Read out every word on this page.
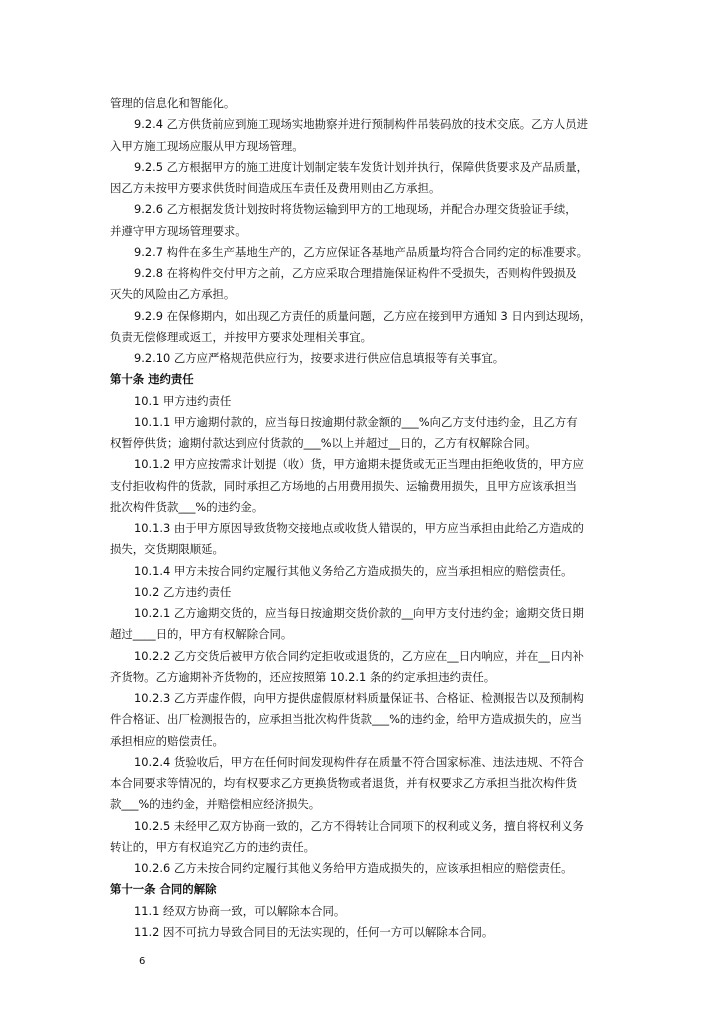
管理的信息化和智能化。
9.2.4 乙方供货前应到施工现场实地勘察并进行预制构件吊装码放的技术交底。乙方人员进
入甲方施工现场应服从甲方现场管理。
9.2.5 乙方根据甲方的施工进度计划制定装车发货计划并执行，保障供货要求及产品质量，
因乙方未按甲方要求供货时间造成压车责任及费用则由乙方承担。
9.2.6 乙方根据发货计划按时将货物运输到甲方的工地现场，并配合办理交货验证手续，
并遵守甲方现场管理要求。
9.2.7 构件在多生产基地生产的，乙方应保证各基地产品质量均符合合同约定的标准要求。
9.2.8 在将构件交付甲方之前，乙方应采取合理措施保证构件不受损失，否则构件毁损及
灭失的风险由乙方承担。
9.2.9 在保修期内，如出现乙方责任的质量问题，乙方应在接到甲方通知 3 日内到达现场，
负责无偿修理或返工，并按甲方要求处理相关事宜。
9.2.10 乙方应严格规范供应行为，按要求进行供应信息填报等有关事宜。
第十条 违约责任
10.1 甲方违约责任
10.1.1 甲方逾期付款的，应当每日按逾期付款金额的___%向乙方支付违约金，且乙方有
权暂停供货；逾期付款达到应付货款的___%以上并超过__日的，乙方有权解除合同。
10.1.2 甲方应按需求计划提（收）货，甲方逾期未提货或无正当理由拒绝收货的，甲方应
支付拒收构件的货款，同时承担乙方场地的占用费用损失、运输费用损失，且甲方应该承担当
批次构件货款___%的违约金。
10.1.3 由于甲方原因导致货物交接地点或收货人错误的，甲方应当承担由此给乙方造成的
损失，交货期限顺延。
10.1.4 甲方未按合同约定履行其他义务给乙方造成损失的，应当承担相应的赔偿责任。
10.2 乙方违约责任
10.2.1 乙方逾期交货的，应当每日按逾期交货价款的__向甲方支付违约金；逾期交货日期
超过____日的，甲方有权解除合同。
10.2.2 乙方交货后被甲方依合同约定拒收或退货的，乙方应在__日内响应，并在__日内补
齐货物。乙方逾期补齐货物的，还应按照第 10.2.1 条的约定承担违约责任。
10.2.3 乙方弄虚作假，向甲方提供虚假原材料质量保证书、合格证、检测报告以及预制构
件合格证、出厂检测报告的，应承担当批次构件货款___%的违约金，给甲方造成损失的，应当
承担相应的赔偿责任。
10.2.4 货验收后，甲方在任何时间发现构件存在质量不符合国家标准、违法违规、不符合
本合同要求等情况的，均有权要求乙方更换货物或者退货，并有权要求乙方承担当批次构件货
款___%的违约金，并赔偿相应经济损失。
10.2.5 未经甲乙双方协商一致的，乙方不得转让合同项下的权利或义务，擅自将权利义务
转让的，甲方有权追究乙方的违约责任。
10.2.6 乙方未按合同约定履行其他义务给甲方造成损失的，应该承担相应的赔偿责任。
第十一条 合同的解除
11.1 经双方协商一致，可以解除本合同。
11.2 因不可抗力导致合同目的无法实现的，任何一方可以解除本合同。
6
